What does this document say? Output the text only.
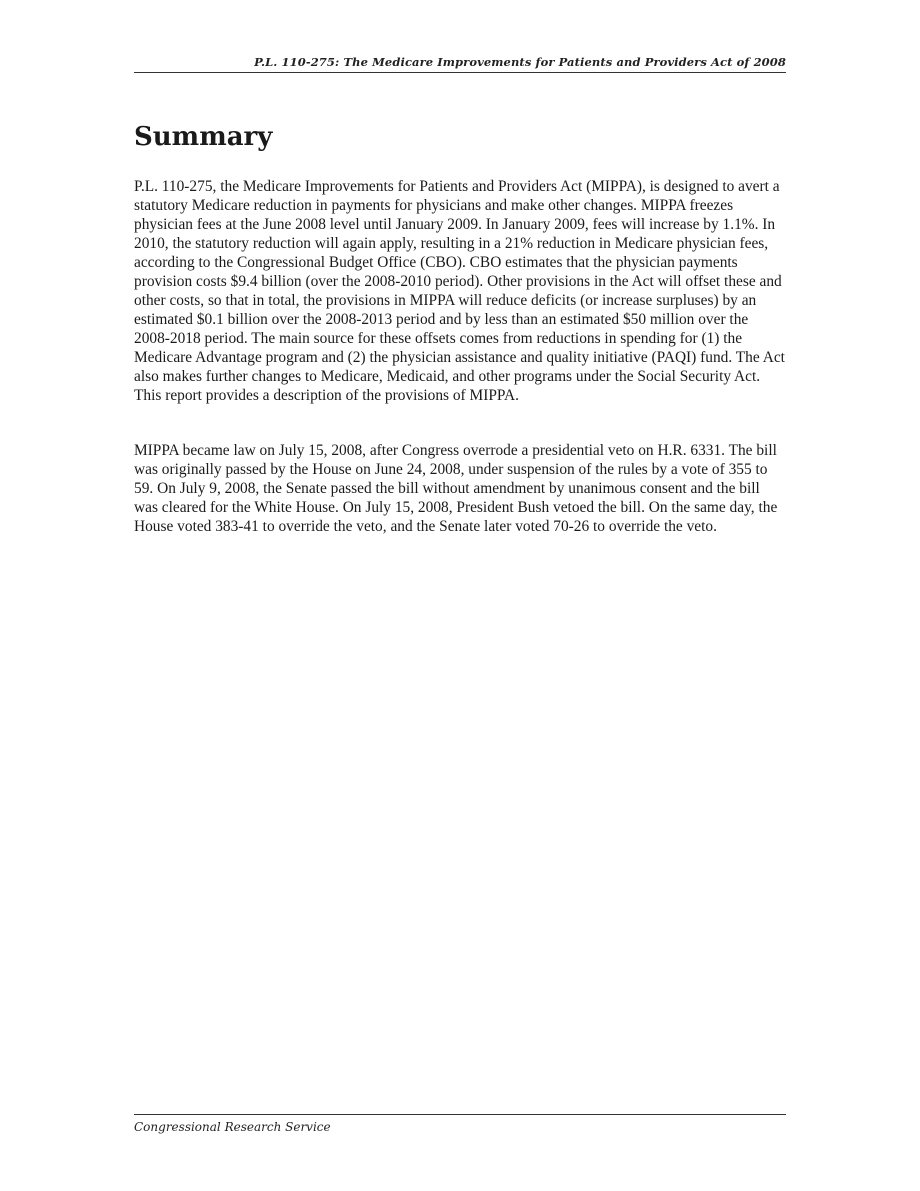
P.L. 110-275: The Medicare Improvements for Patients and Providers Act of 2008
Summary

P.L. 110-275, the Medicare Improvements for Patients and Providers Act (MIPPA), is designed to avert a statutory Medicare reduction in payments for physicians and make other changes. MIPPA freezes physician fees at the June 2008 level until January 2009. In January 2009, fees will increase by 1.1%. In 2010, the statutory reduction will again apply, resulting in a 21% reduction in Medicare physician fees, according to the Congressional Budget Office (CBO). CBO estimates that the physician payments provision costs $9.4 billion (over the 2008-2010 period). Other provisions in the Act will offset these and other costs, so that in total, the provisions in MIPPA will reduce deficits (or increase surpluses) by an estimated $0.1 billion over the 2008-2013 period and by less than an estimated $50 million over the 2008-2018 period. The main source for these offsets comes from reductions in spending for (1) the Medicare Advantage program and (2) the physician assistance and quality initiative (PAQI) fund. The Act also makes further changes to Medicare, Medicaid, and other programs under the Social Security Act. This report provides a description of the provisions of MIPPA.

MIPPA became law on July 15, 2008, after Congress overrode a presidential veto on H.R. 6331. The bill was originally passed by the House on June 24, 2008, under suspension of the rules by a vote of 355 to 59. On July 9, 2008, the Senate passed the bill without amendment by unanimous consent and the bill was cleared for the White House. On July 15, 2008, President Bush vetoed the bill. On the same day, the House voted 383-41 to override the veto, and the Senate later voted 70-26 to override the veto.

Congressional Research Service
